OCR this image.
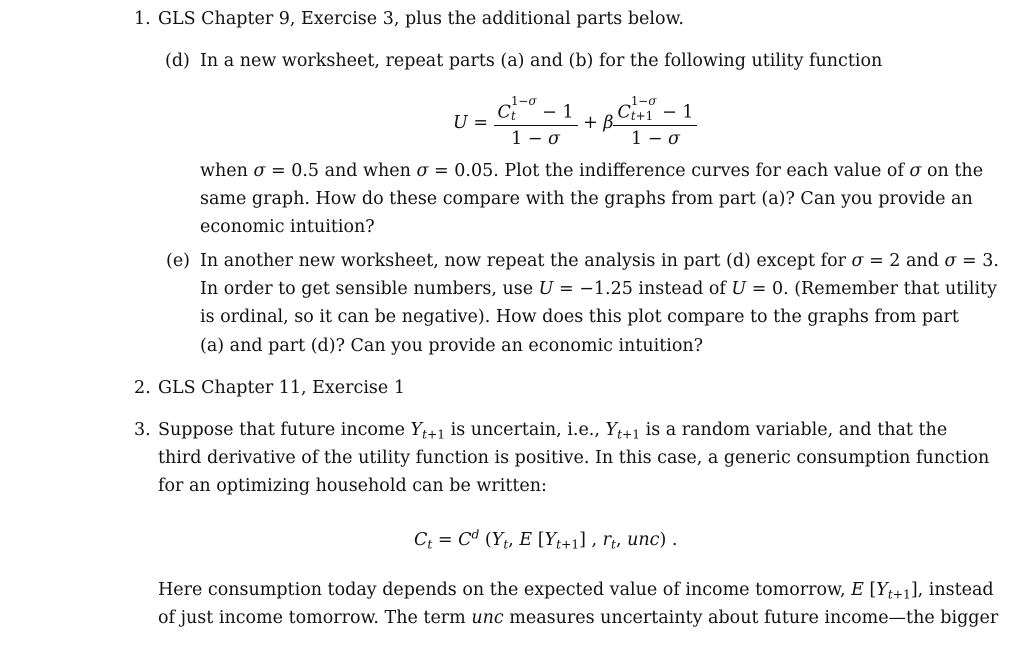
1. GLS Chapter 9, Exercise 3, plus the additional parts below.
(d) In a new worksheet, repeat parts (a) and (b) for the following utility function
U = C
1−σ
t	− 1
1 − σ + β C
1−σ
t+1 − 1
1 − σ
when σ = 0.5 and when σ = 0.05. Plot the indifference curves for each value of σ on the
same graph. How do these compare with the graphs from part (a)? Can you provide an
economic intuition?
(e) In another new worksheet, now repeat the analysis in part (d) except for σ = 2 and σ = 3.
In order to get sensible numbers, use U = −1.25 instead of U = 0. (Remember that utility
is ordinal, so it can be negative). How does this plot compare to the graphs from part
(a) and part (d)? Can you provide an economic intuition?
2. GLS Chapter 11, Exercise 1
3. Suppose that future income $Y_{t+1}$ is uncertain, i.e., $Y_{t+1}$ is a random variable, and that the
third derivative of the utility function is positive. In this case, a generic consumption function
for an optimizing household can be written:
$C_t = C^d$ ($Y_t$, E $[Y_{t+1}]$ , $r_t$, unc) .
Here consumption today depends on the expected value of income tomorrow, E $[Y_{t+1}]$, instead
of just income tomorrow. The term unc measures uncertainty about future income—the bigger
